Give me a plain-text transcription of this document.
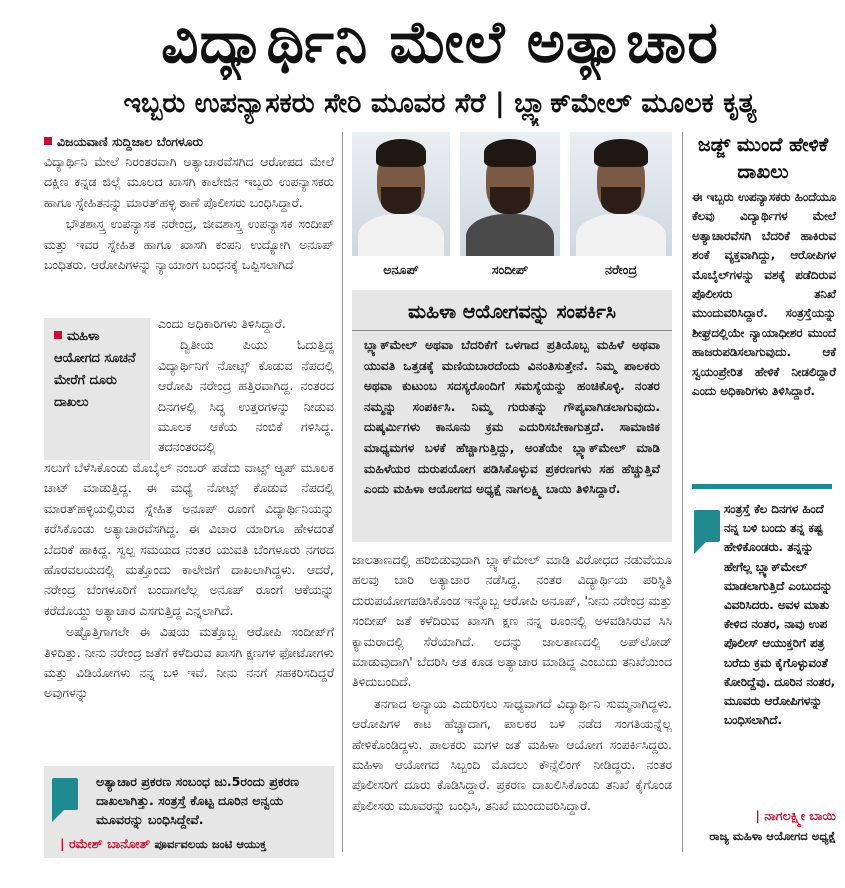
ವಿದ್ಯಾರ್ಥಿನಿ ಮೇಲೆ ಅತ್ಯಾಚಾರ
ಇಬ್ಬರು ಉಪನ್ಯಾಸಕರು ಸೇರಿ ಮೂವರ ಸೆರೆ | ಬ್ಲ್ಯಾಕ್‌ಮೇಲ್ ಮೂಲಕ ಕೃತ್ಯ
ವಿಜಯವಾಣಿ ಸುದ್ದಿಜಾಲ ಬೆಂಗಳೂರು

ವಿದ್ಯಾರ್ಥಿನಿ ಮೇಲೆ ನಿರಂತರವಾಗಿ ಅತ್ಯಾಚಾರವೆಸಗಿದ ಆರೋಪದ ಮೇಲೆ ದಕ್ಷಿಣ ಕನ್ನಡ ಜಿಲ್ಲೆ ಮೂಲದ ಖಾಸಗಿ ಕಾಲೇಜಿನ ಇಬ್ಬರು ಉಪನ್ಯಾಸಕರು ಹಾಗೂ ಸ್ನೇಹಿತನನ್ನು ಮಾರತ್‌ಹಳ್ಳಿ ಠಾಣೆ ಪೊಲೀಸರು ಬಂಧಿಸಿದ್ದಾರೆ.

ಭೌತಶಾಸ್ತ್ರ ಉಪನ್ಯಾಸಕ ನರೇಂದ್ರ, ಜೀವಶಾಸ್ತ್ರ ಉಪನ್ಯಾಸಕ ಸಂದೀಪ್ ಮತ್ತು ಇವರ ಸ್ನೇಹಿತ ಹಾಗೂ ಖಾಸಗಿ ಕಂಪನಿ ಉದ್ಯೋಗಿ ಅನೂಪ್ ಬಂಧಿತರು. ಆರೋಪಿಗಳನ್ನು ನ್ಯಾಯಾಂಗ ಬಂಧನಕ್ಕೆ ಒಪ್ಪಿಸಲಾಗಿದೆ

ಮಹಿಳಾ ಆಯೋಗದ ಸೂಚನೆ ಮೇರೆಗೆ ದೂರು ದಾಖಲು

ಎಂದು ಅಧಿಕಾರಿಗಳು ತಿಳಿಸಿದ್ದಾರೆ.

ದ್ವಿತೀಯ ಪಿಯು ಓದುತ್ತಿದ್ದ ವಿದ್ಯಾರ್ಥಿನಿಗೆ ನೋಟ್ಸ್ ಕೊಡುವ ನೆಪದಲ್ಲಿ ಆರೋಪಿ ನರೇಂದ್ರ ಹತ್ತಿರವಾಗಿದ್ದ. ನಂತರದ ದಿನಗಳಲ್ಲಿ ಸಿದ್ಧ ಉತ್ತರಗಳನ್ನು ನೀಡುವ ಮೂಲಕ ಆಕೆಯ ನಂಬಿಕೆ ಗಳಿಸಿದ್ದ. ತದನಂತರದಲ್ಲಿ

ಸಲುಗೆ ಬೆಳೆಸಿಕೊಂಡು ಮೊಬೈಲ್ ನಂಬರ್ ಪಡೆದು ವಾಟ್ಸ್ ಆ್ಯಪ್ ಮೂಲಕ ಚಾಟ್ ಮಾಡುತ್ತಿದ್ದ. ಈ ಮಧ್ಯೆ ನೋಟ್ಸ್ ಕೊಡುವ ನೆಪದಲ್ಲಿ ಮಾರತ್‌ಹಳ್ಳಿಯಲ್ಲಿರುವ ಸ್ನೇಹಿತ ಅನೂಪ್ ರೂಂಗೆ ವಿದ್ಯಾರ್ಥಿನಿಯನ್ನು ಕರೆಸಿಕೊಂಡು ಅತ್ಯಾಚಾರವೆಸಗಿದ್ದ. ಈ ವಿಚಾರ ಯಾರಿಗೂ ಹೇಳದಂತೆ ಬೆದರಿಕೆ ಹಾಕಿದ್ದ. ಸ್ವಲ್ಪ ಸಮಯದ ನಂತರ ಯುವತಿ ಬೆಂಗಳೂರು ನಗರದ ಹೊರವಲಯದಲ್ಲಿ ಮತ್ತೊಂದು ಕಾಲೇಜಿಗೆ ದಾಖಲಾಗಿದ್ದಳು. ಆದರೆ, ನರೇಂದ್ರ ಬೆಂಗಳೂರಿಗೆ ಬಂದಾಗಲೆಲ್ಲ ಅನೂಪ್ ರೂಂಗೆ ಆಕೆಯನ್ನು ಕರೆದೊಯ್ದು ಅತ್ಯಾಚಾರ ಎಸಗುತ್ತಿದ್ದ ಎನ್ನಲಾಗಿದೆ.

ಅಷ್ಟೊತ್ತಿಗಾಗಲೇ ಈ ವಿಷಯ ಮತ್ತೊಬ್ಬ ಆರೋಪಿ ಸಂದೀಪ್‌ಗೆ ತಿಳಿದಿತ್ತು. ನೀನು ನರೇಂದ್ರ ಜತೆಗೆ ಕಳೆದಿರುವ ಖಾಸಗಿ ಕ್ಷಣಗಳ ಫೋಟೋಗಳು ಮತ್ತು ವಿಡಿಯೋಗಳು ನನ್ನ ಬಳಿ ಇವೆ. ನೀನು ನನಗೆ ಸಹಕರಿಸದಿದ್ದರೆ ಅವುಗಳನ್ನು

ಅತ್ಯಾಚಾರ ಪ್ರಕರಣ ಸಂಬಂಧ ಜು.5ರಂದು ಪ್ರಕರಣ ದಾಖಲಾಗಿತ್ತು. ಸಂತ್ರಸ್ತೆ ಕೊಟ್ಟ ದೂರಿನ ಅನ್ವಯ ಮೂವರನ್ನು ಬಂಧಿಸಿದ್ದೇವೆ.
| ರಮೇಶ್ ಬಾನೋತ್ ಪೂರ್ವವಲಯ ಜಂಟಿ ಆಯುಕ್ತ
ಅನೂಪ್	ಸಂದೀಪ್	ನರೇಂದ್ರ
ಮಹಿಳಾ ಆಯೋಗವನ್ನು ಸಂಪರ್ಕಿಸಿ
ಬ್ಲ್ಯಾಕ್‌ಮೇಲ್ ಅಥವಾ ಬೆದರಿಕೆಗೆ ಒಳಗಾದ ಪ್ರತಿಯೊಬ್ಬ ಮಹಿಳೆ ಅಥವಾ ಯುವತಿ ಒತ್ತಡಕ್ಕೆ ಮಣಿಯಬಾರದೆಂದು ವಿನಂತಿಸುತ್ತೇನೆ. ನಿಮ್ಮ ಪಾಲಕರು ಅಥವಾ ಕುಟುಂಬ ಸದಸ್ಯರೊಂದಿಗೆ ಸಮಸ್ಯೆಯನ್ನು ಹಂಚಿಕೊಳ್ಳಿ. ನಂತರ ನಮ್ಮನ್ನು ಸಂಪರ್ಕಿಸಿ. ನಿಮ್ಮ ಗುರುತನ್ನು ಗೌಪ್ಯವಾಗಿಡಲಾಗುವುದು. ದುಷ್ಕರ್ಮಿಗಳು ಕಾನೂನು ಕ್ರಮ ಎದುರಿಸಬೇಕಾಗುತ್ತದೆ. ಸಾಮಾಜಿಕ ಮಾಧ್ಯಮಗಳ ಬಳಕೆ ಹೆಚ್ಚಾಗುತ್ತಿದ್ದು, ಅಂತೆಯೇ ಬ್ಲ್ಯಾಕ್‌ಮೇಲ್ ಮಾಡಿ ಮಹಿಳೆಯರ ದುರುಪಯೋಗ ಪಡಿಸಿಕೊಳ್ಳುವ ಪ್ರಕರಣಗಳು ಸಹ ಹೆಚ್ಚುತ್ತಿವೆ ಎಂದು ಮಹಿಳಾ ಆಯೋಗದ ಅಧ್ಯಕ್ಷೆ ನಾಗಲಕ್ಷ್ಮಿ ಬಾಯಿ ತಿಳಿಸಿದ್ದಾರೆ.

ಜಾಲತಾಣದಲ್ಲಿ ಹರಿಬಿಡುವುದಾಗಿ ಬ್ಲ್ಯಾಕ್‌ಮೇಲ್ ಮಾಡಿ ವಿರೋಧದ ನಡುವೆಯೂ ಹಲವು ಬಾರಿ ಅತ್ಯಾಚಾರ ನಡೆಸಿದ್ದ. ನಂತರ ವಿದ್ಯಾರ್ಥಿಯ ಪರಿಸ್ಥಿತಿ ದುರುಪಯೋಗಪಡಿಸಿಕೊಂಡ ಇನ್ನೊಬ್ಬ ಆರೋಪಿ ಅನೂಪ್, 'ನೀನು ನರೇಂದ್ರ ಮತ್ತು ಸಂದೀಪ್ ಜತೆ ಕಳೆದಿರುವ ಖಾಸಗಿ ಕ್ಷಣ ನನ್ನ ರೂಂನಲ್ಲಿ ಅಳವಡಿಸಿರುವ ಸಿಸಿ ಕ್ಯಾಮರಾದಲ್ಲಿ ಸೆರೆಯಾಗಿದೆ. ಅದನ್ನು ಜಾಲತಾಣದಲ್ಲಿ ಅಪ್‌ಲೋಡ್ ಮಾಡುವುದಾಗಿ' ಬೆದರಿಸಿ ಆತ ಕೂಡ ಅತ್ಯಾಚಾರ ಮಾಡಿದ್ದ ಎಂಬುದು ತನಿಖೆಯಿಂದ ತಿಳಿದುಬಂದಿದೆ.

ತನಗಾದ ಅನ್ಯಾಯ ಎದುರಿಸಲು ಸಾಧ್ಯವಾಗದೆ ವಿದ್ಯಾರ್ಥಿನಿ ಸುಮ್ಮನಾಗಿದ್ದಳು. ಆರೋಪಿಗಳ ಕಾಟ ಹೆಚ್ಚಾದಾಗ, ಪಾಲಕರ ಬಳಿ ನಡೆದ ಸಂಗತಿಯನ್ನೆಲ್ಲ ಹೇಳಿಕೊಂಡಿದ್ದಳು. ಪಾಲಕರು ಮಗಳ ಜತೆ ಮಹಿಳಾ ಆಯೋಗ ಸಂಪರ್ಕಿಸಿದ್ದರು. ಮಹಿಳಾ ಆಯೋಗದ ಸಿಬ್ಬಂದಿ ಮೊದಲು ಕೌನ್ಸೆಲಿಂಗ್ ನೀಡಿದ್ದರು. ನಂತರ ಪೊಲೀಸರಿಗೆ ದೂರು ಕೊಡಿಸಿದ್ದಾರೆ. ಪ್ರಕರಣ ದಾಖಲಿಸಿಕೊಂಡು ತನಿಖೆ ಕೈಗೊಂಡ ಪೊಲೀಸರು ಮೂವರನ್ನು ಬಂಧಿಸಿ, ತನಿಖೆ ಮುಂದುವರಿಸಿದ್ದಾರೆ.

ಜಡ್ಜ್ ಮುಂದೆ ಹೇಳಿಕೆ ದಾಖಲು

ಈ ಇಬ್ಬರು ಉಪನ್ಯಾಸಕರು ಹಿಂದೆಯೂ ಕೆಲವು ವಿದ್ಯಾರ್ಥಿಗಳ ಮೇಲೆ ಅತ್ಯಾಚಾರವೆಸಗಿ ಬೆದರಿಕೆ ಹಾಕಿರುವ ಶಂಕೆ ವ್ಯಕ್ತವಾಗಿದ್ದು, ಆರೋಪಿಗಳ ಮೊಬೈಲ್‌ಗಳನ್ನು ವಶಕ್ಕೆ ಪಡೆದಿರುವ ಪೊಲೀಸರು ತನಿಖೆ ಮುಂದುವರಿಸಿದ್ದಾರೆ. ಸಂತ್ರಸ್ತೆಯನ್ನು ಶೀಘ್ರದಲ್ಲಿಯೇ ನ್ಯಾಯಾಧೀಶರ ಮುಂದೆ ಹಾಜರುಪಡಿಸಲಾಗುವುದು. ಆಕೆ ಸ್ವಯಂಪ್ರೇರಿತ ಹೇಳಿಕೆ ನೀಡಲಿದ್ದಾರೆ ಎಂದು ಅಧಿಕಾರಿಗಳು ತಿಳಿಸಿದ್ದಾರೆ.

ಸಂತ್ರಸ್ತೆ ಕೆಲ ದಿನಗಳ ಹಿಂದೆ ನನ್ನ ಬಳಿ ಬಂದು ತನ್ನ ಕಷ್ಟ ಹೇಳಿಕೊಂಡರು. ತನ್ನನ್ನು ಹೇಗೆಲ್ಲ ಬ್ಲ್ಯಾಕ್‌ಮೇಲ್ ಮಾಡಲಾಗುತ್ತಿದೆ ಎಂಬುದನ್ನು ವಿವರಿಸಿದರು. ಅವಳ ಮಾತು ಕೇಳಿದ ನಂತರ, ನಾವು ಉಪ ಪೊಲೀಸ್ ಆಯುಕ್ತರಿಗೆ ಪತ್ರ ಬರೆದು ಕ್ರಮ ಕೈಗೊಳ್ಳುವಂತೆ ಕೋರಿದ್ದೆವು. ದೂರಿನ ನಂತರ, ಮೂವರು ಆರೋಪಿಗಳನ್ನು ಬಂಧಿಸಲಾಗಿದೆ.
| ನಾಗಲಕ್ಷ್ಮೀ ಬಾಯಿ
ರಾಜ್ಯ ಮಹಿಳಾ ಆಯೋಗದ ಅಧ್ಯಕ್ಷೆ
